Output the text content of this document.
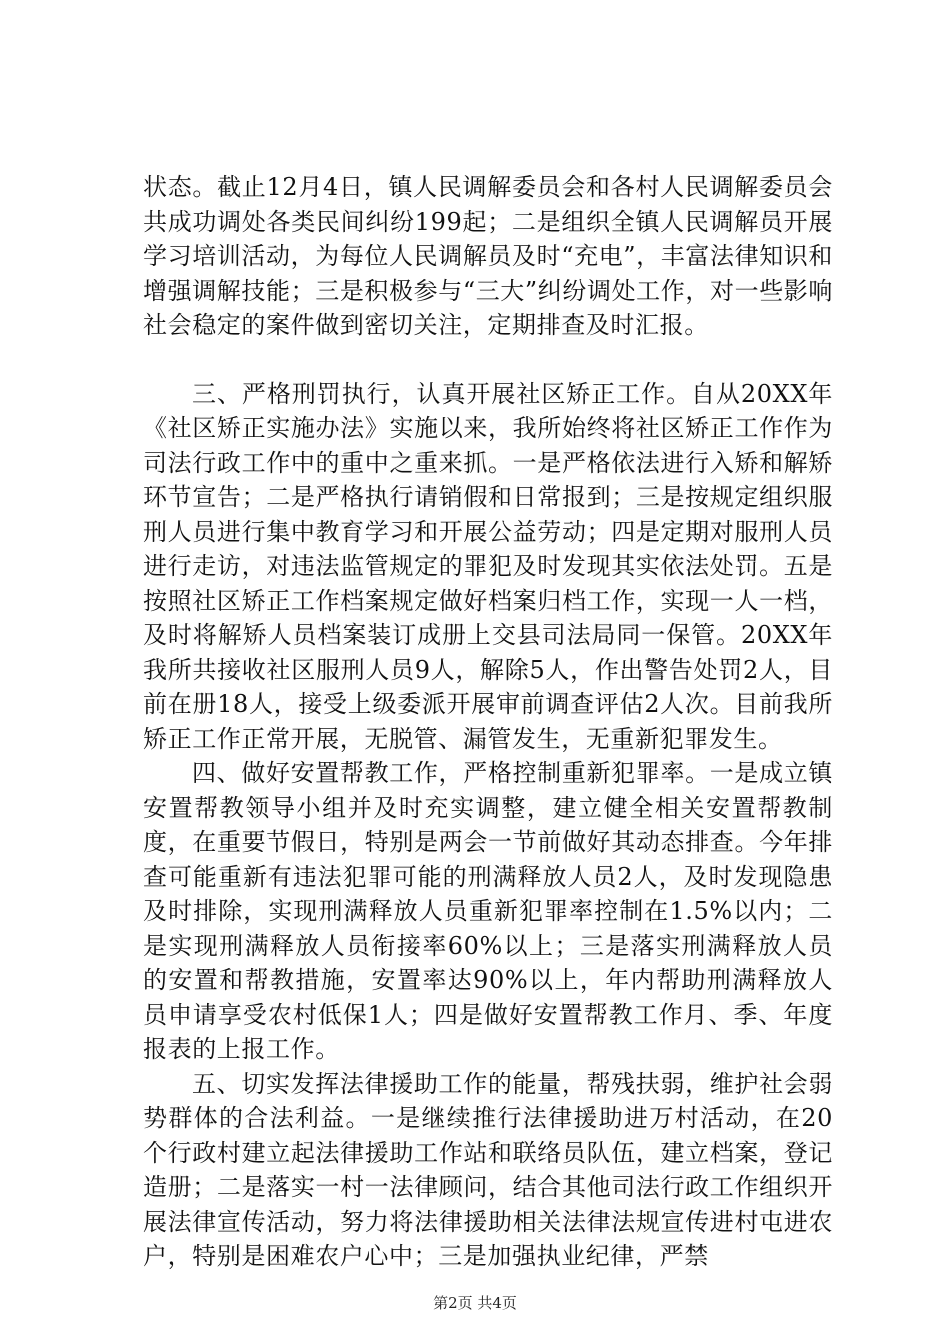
状态。截止12月4日，镇人民调解委员会和各村人民调解委员会共成功调处各类民间纠纷199起；二是组织全镇人民调解员开展学习培训活动，为每位人民调解员及时“充电”，丰富法律知识和增强调解技能；三是积极参与“三大”纠纷调处工作，对一些影响社会稳定的案件做到密切关注，定期排查及时汇报。

三、严格刑罚执行，认真开展社区矫正工作。自从20XX年《社区矫正实施办法》实施以来，我所始终将社区矫正工作作为司法行政工作中的重中之重来抓。一是严格依法进行入矫和解矫环节宣告；二是严格执行请销假和日常报到；三是按规定组织服刑人员进行集中教育学习和开展公益劳动；四是定期对服刑人员进行走访，对违法监管规定的罪犯及时发现其实依法处罚。五是按照社区矫正工作档案规定做好档案归档工作，实现一人一档，及时将解矫人员档案装订成册上交县司法局同一保管。20XX年我所共接收社区服刑人员9人，解除5人，作出警告处罚2人，目前在册18人，接受上级委派开展审前调查评估2人次。目前我所矫正工作正常开展，无脱管、漏管发生，无重新犯罪发生。

四、做好安置帮教工作，严格控制重新犯罪率。一是成立镇安置帮教领导小组并及时充实调整，建立健全相关安置帮教制度，在重要节假日，特别是两会一节前做好其动态排查。今年排查可能重新有违法犯罪可能的刑满释放人员2人，及时发现隐患及时排除，实现刑满释放人员重新犯罪率控制在1.5%以内；二是实现刑满释放人员衔接率60%以上；三是落实刑满释放人员的安置和帮教措施，安置率达90%以上，年内帮助刑满释放人员申请享受农村低保1人；四是做好安置帮教工作月、季、年度报表的上报工作。

五、切实发挥法律援助工作的能量，帮残扶弱，维护社会弱势群体的合法利益。一是继续推行法律援助进万村活动，在20个行政村建立起法律援助工作站和联络员队伍，建立档案，登记造册；二是落实一村一法律顾问，结合其他司法行政工作组织开展法律宣传活动，努力将法律援助相关法律法规宣传进村屯进农户，特别是困难农户心中；三是加强执业纪律，严禁

第2页 共4页
